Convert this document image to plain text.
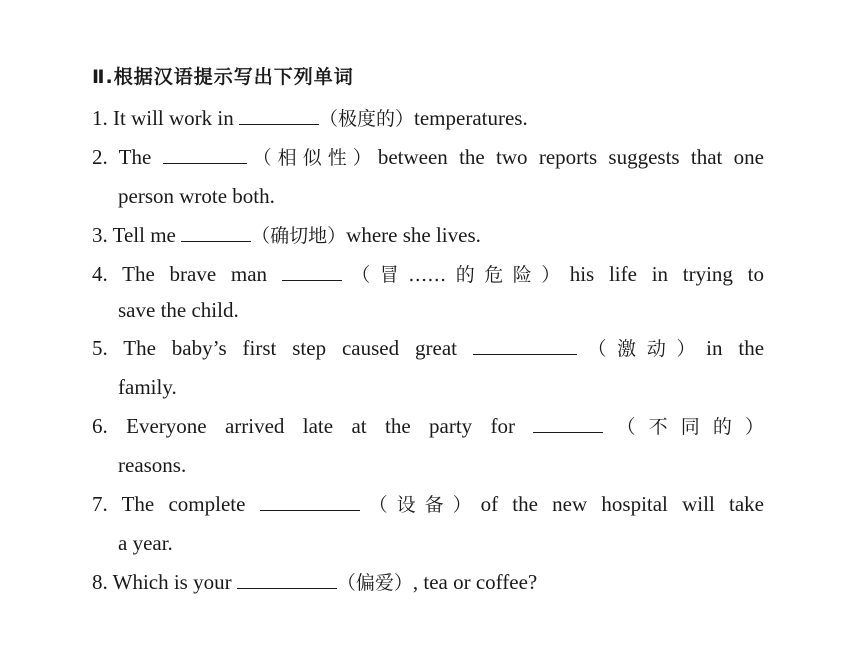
Ⅱ.根据汉语提示写出下列单词
1. It will work in	（极度的）temperatures.
2. The	（相似性）between the two reports suggests that one
person wrote both.
3. Tell me	（确切地）where she lives.
4. The brave man	（冒……的危险）his life in trying to
save the child.
5. The baby’s first step caused great	（激动）in the
family.
6. Everyone arrived late at the party for	（不同的）
reasons.
7. The complete	（设备）of the new hospital will take
a year.
8. Which is your	（偏爱）, tea or coffee?
